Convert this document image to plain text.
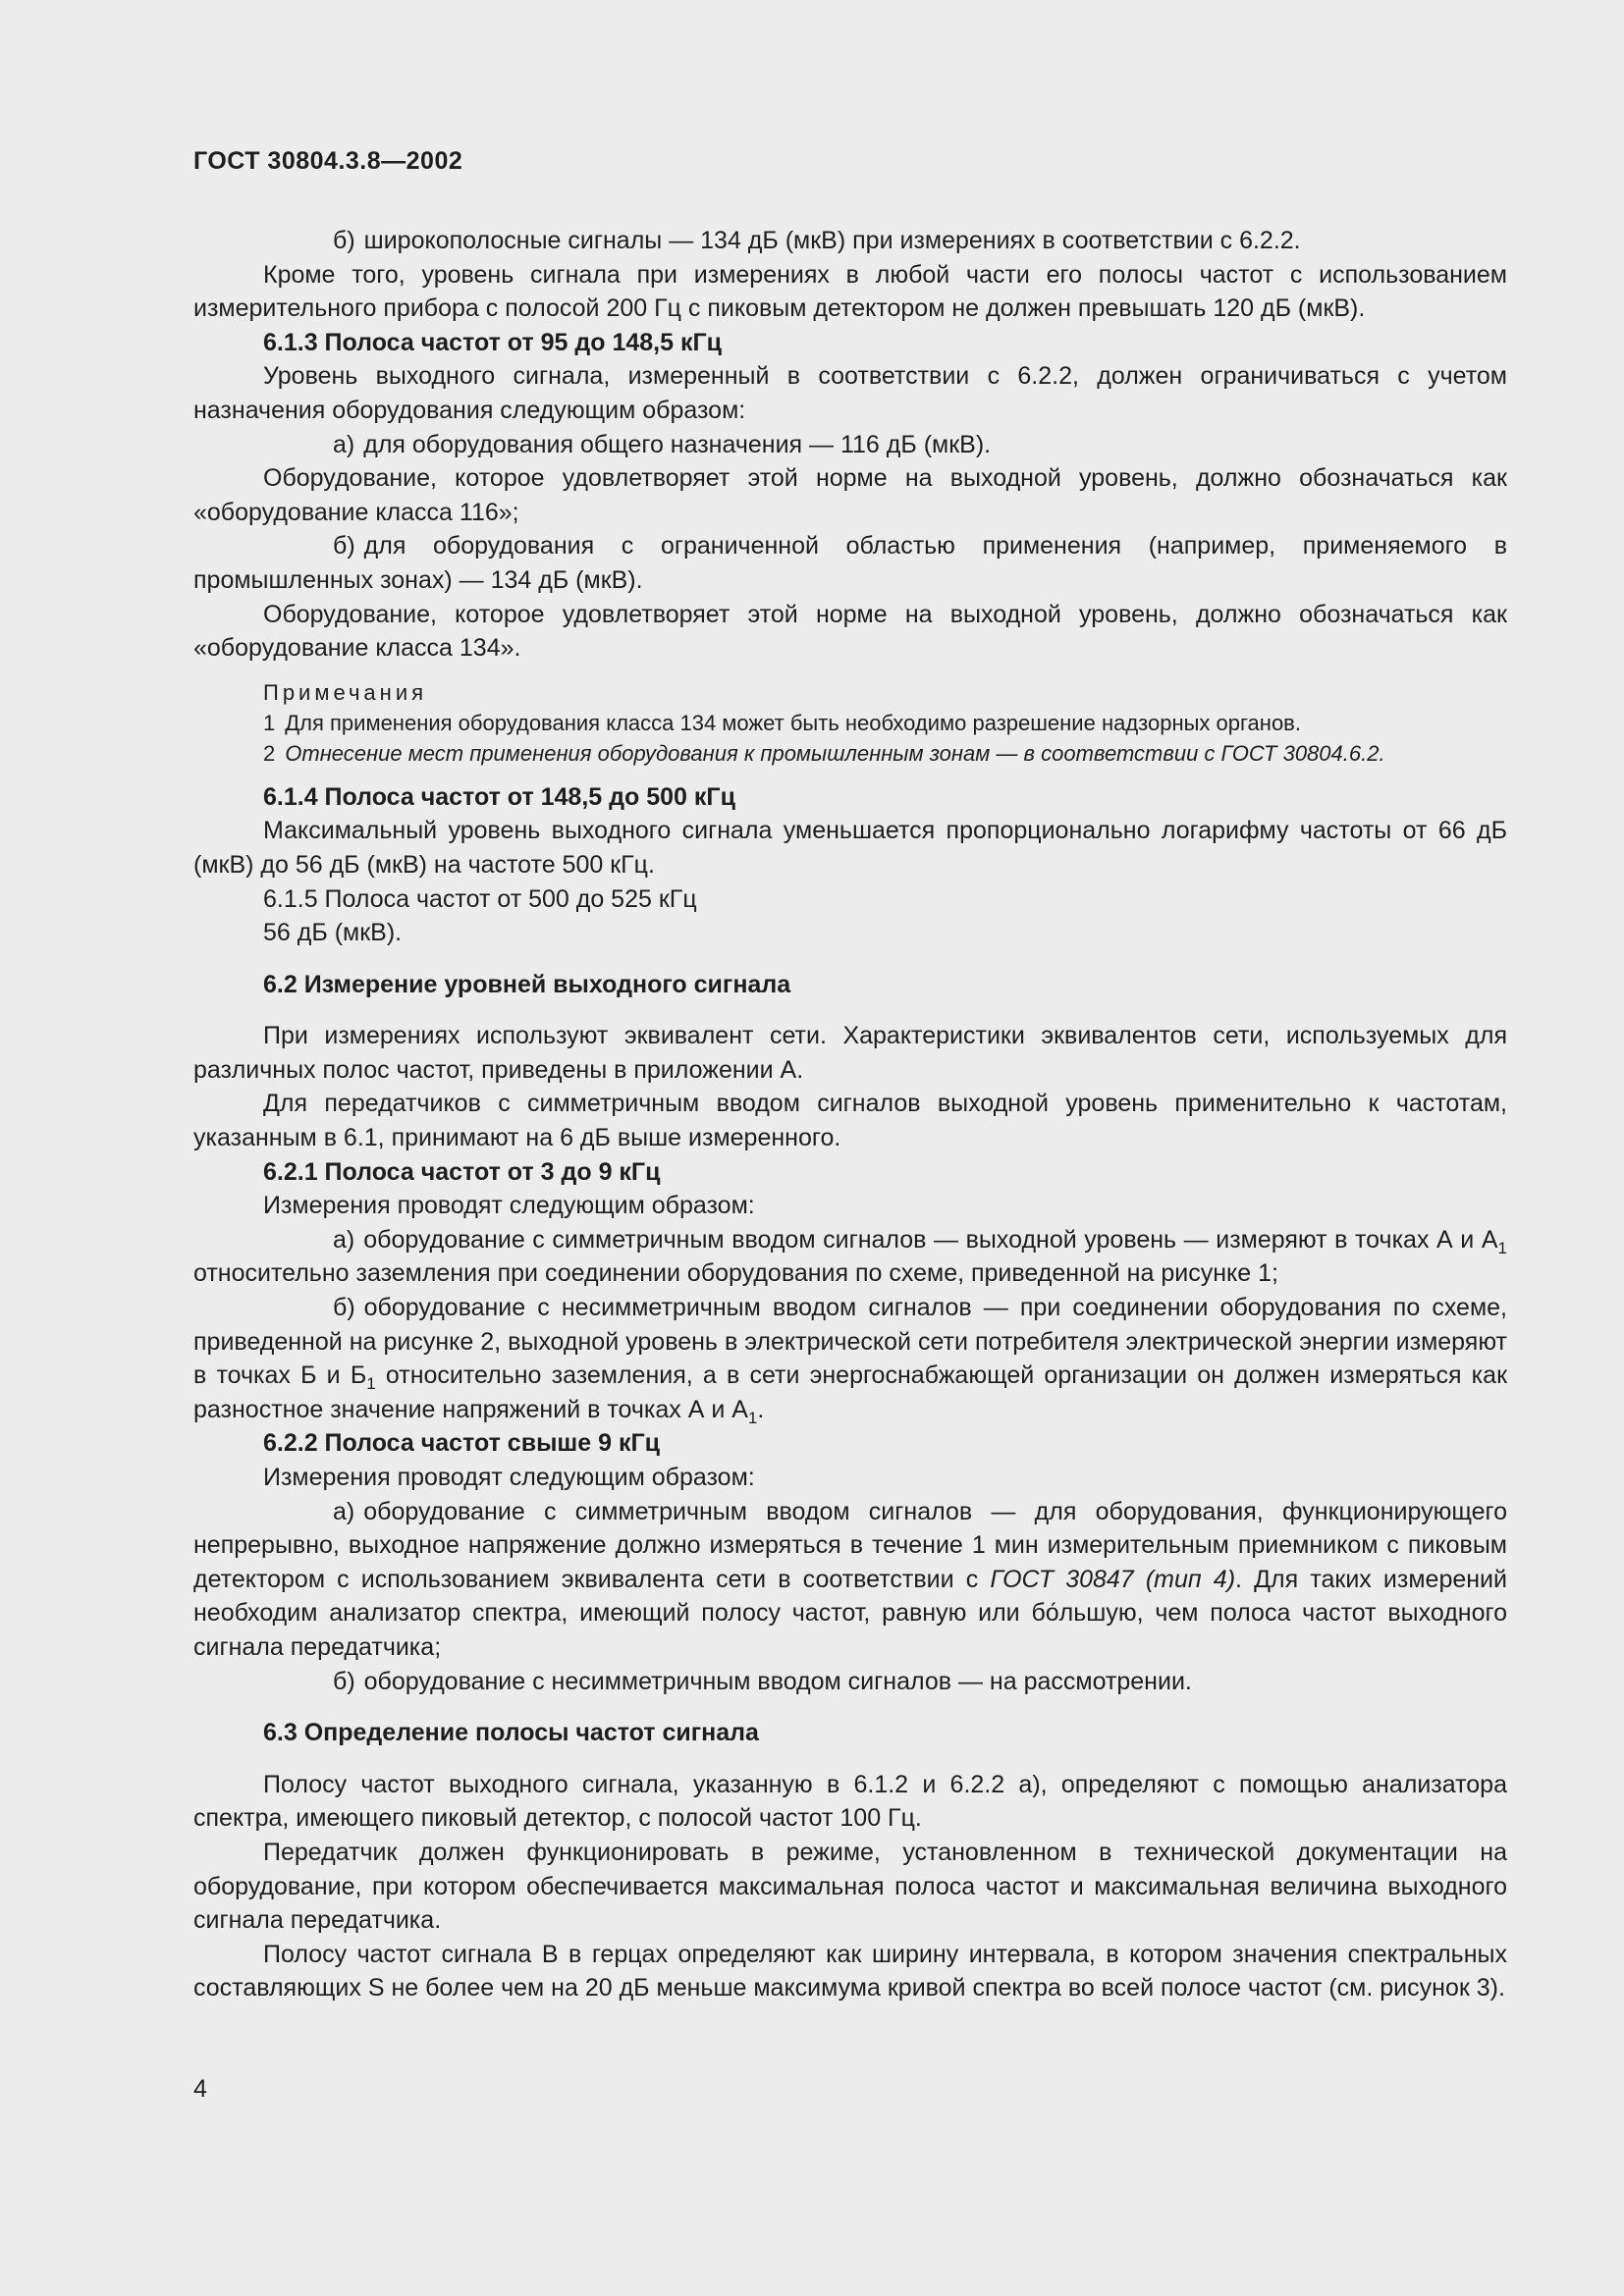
ГОСТ 30804.3.8—2002

б) широкополосные сигналы — 134 дБ (мкВ) при измерениях в соответствии с 6.2.2.

Кроме того, уровень сигнала при измерениях в любой части его полосы частот с использованием измерительного прибора с полосой 200 Гц с пиковым детектором не должен превышать 120 дБ (мкВ).

6.1.3 Полоса частот от 95 до 148,5 кГц

Уровень выходного сигнала, измеренный в соответствии с 6.2.2, должен ограничиваться с учетом назначения оборудования следующим образом:

а) для оборудования общего назначения — 116 дБ (мкВ).

Оборудование, которое удовлетворяет этой норме на выходной уровень, должно обозначаться как «оборудование класса 116»;

б) для оборудования с ограниченной областью применения (например, применяемого в промышленных зонах) — 134 дБ (мкВ).

Оборудование, которое удовлетворяет этой норме на выходной уровень, должно обозначаться как «оборудование класса 134».

Примечания

1 Для применения оборудования класса 134 может быть необходимо разрешение надзорных органов.

2 Отнесение мест применения оборудования к промышленным зонам — в соответствии с ГОСТ 30804.6.2.

6.1.4 Полоса частот от 148,5 до 500 кГц

Максимальный уровень выходного сигнала уменьшается пропорционально логарифму частоты от 66 дБ (мкВ) до 56 дБ (мкВ) на частоте 500 кГц.

6.1.5 Полоса частот от 500 до 525 кГц

56 дБ (мкВ).

6.2 Измерение уровней выходного сигнала

При измерениях используют эквивалент сети. Характеристики эквивалентов сети, используемых для различных полос частот, приведены в приложении А.

Для передатчиков с симметричным вводом сигналов выходной уровень применительно к частотам, указанным в 6.1, принимают на 6 дБ выше измеренного.

6.2.1 Полоса частот от 3 до 9 кГц

Измерения проводят следующим образом:

а) оборудование с симметричным вводом сигналов — выходной уровень — измеряют в точках А и $А_1$ относительно заземления при соединении оборудования по схеме, приведенной на рисунке 1;

б) оборудование с несимметричным вводом сигналов — при соединении оборудования по схеме, приведенной на рисунке 2, выходной уровень в электрической сети потребителя электрической энергии измеряют в точках Б и $Б_1$ относительно заземления, а в сети энергоснабжающей организации он должен измеряться как разностное значение напряжений в точках А и $А_1$.

6.2.2 Полоса частот свыше 9 кГц

Измерения проводят следующим образом:

а) оборудование с симметричным вводом сигналов — для оборудования, функционирующего непрерывно, выходное напряжение должно измеряться в течение 1 мин измерительным приемником с пиковым детектором с использованием эквивалента сети в соответствии с ГОСТ 30847 (тип 4). Для таких измерений необходим анализатор спектра, имеющий полосу частот, равную или бо́льшую, чем полоса частот выходного сигнала передатчика;

б) оборудование с несимметричным вводом сигналов — на рассмотрении.

6.3 Определение полосы частот сигнала

Полосу частот выходного сигнала, указанную в 6.1.2 и 6.2.2 а), определяют с помощью анализатора спектра, имеющего пиковый детектор, с полосой частот 100 Гц.

Передатчик должен функционировать в режиме, установленном в технической документации на оборудование, при котором обеспечивается максимальная полоса частот и максимальная величина выходного сигнала передатчика.

Полосу частот сигнала В в герцах определяют как ширину интервала, в котором значения спектральных составляющих S не более чем на 20 дБ меньше максимума кривой спектра во всей полосе частот (см. рисунок 3).

4
